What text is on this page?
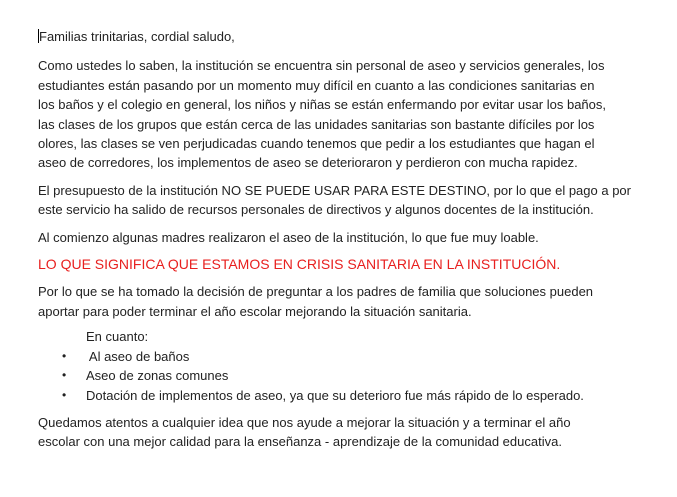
Familias trinitarias, cordial saludo,

Como ustedes lo saben, la institución se encuentra sin personal de aseo y servicios generales, los
estudiantes están pasando por un momento muy difícil en cuanto a las condiciones sanitarias en
los baños y el colegio en general, los niños y niñas se están enfermando por evitar usar los baños,
las clases de los grupos que están cerca de las unidades sanitarias son bastante difíciles por los
olores, las clases se ven perjudicadas cuando tenemos que pedir a los estudiantes que hagan el
aseo de corredores, los implementos de aseo se deterioraron y perdieron con mucha rapidez.
El presupuesto de la institución NO SE PUEDE USAR PARA ESTE DESTINO, por lo que el pago a por
este servicio ha salido de recursos personales de directivos y algunos docentes de la institución.

Al comienzo algunas madres realizaron el aseo de la institución, lo que fue muy loable.

LO QUE SIGNIFICA QUE ESTAMOS EN CRISIS SANITARIA EN LA INSTITUCIÓN.

Por lo que se ha tomado la decisión de preguntar a los padres de familia que soluciones pueden
aportar para poder terminar el año escolar mejorando la situación sanitaria.

En cuanto:

• Al aseo de baños
• Aseo de zonas comunes
• Dotación de implementos de aseo, ya que su deterioro fue más rápido de lo esperado.
Quedamos atentos a cualquier idea que nos ayude a mejorar la situación y a terminar el año
escolar con una mejor calidad para la enseñanza - aprendizaje de la comunidad educativa.
